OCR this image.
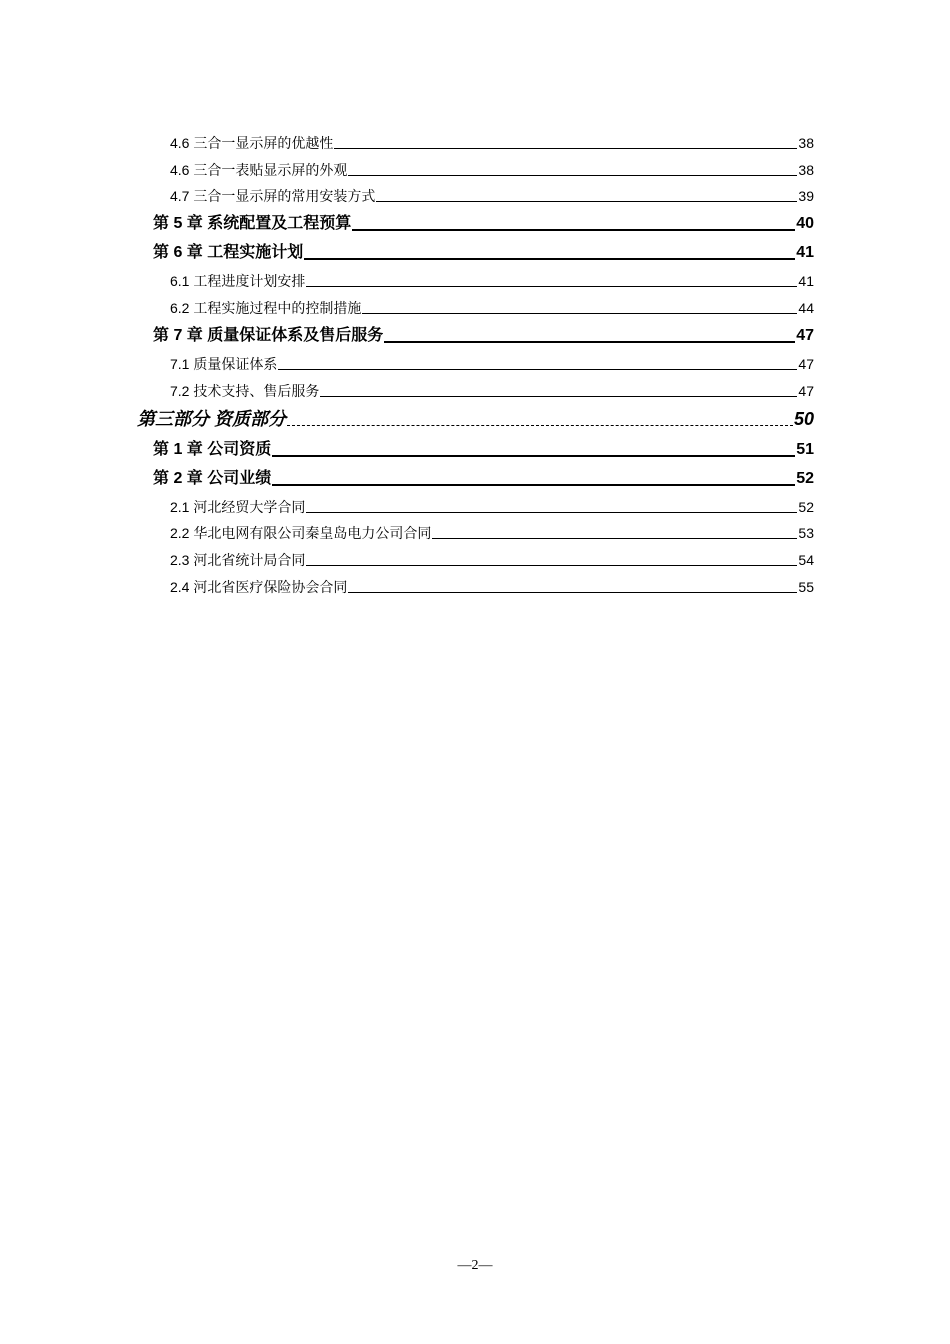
4.6 三合一显示屏的优越性	38
4.6 三合一表贴显示屏的外观	38
4.7 三合一显示屏的常用安装方式	39
第 5 章 系统配置及工程预算	40
第 6 章 工程实施计划	41
6.1 工程进度计划安排	41
6.2 工程实施过程中的控制措施	44
第 7 章 质量保证体系及售后服务	47
7.1 质量保证体系	47
7.2 技术支持、售后服务	47
第三部分 资质部分	50
第 1 章 公司资质	51
第 2 章 公司业绩	52
2.1 河北经贸大学合同	52
2.2 华北电网有限公司秦皇岛电力公司合同	53
2.3 河北省统计局合同	54
2.4 河北省医疗保险协会合同	55
—2—
